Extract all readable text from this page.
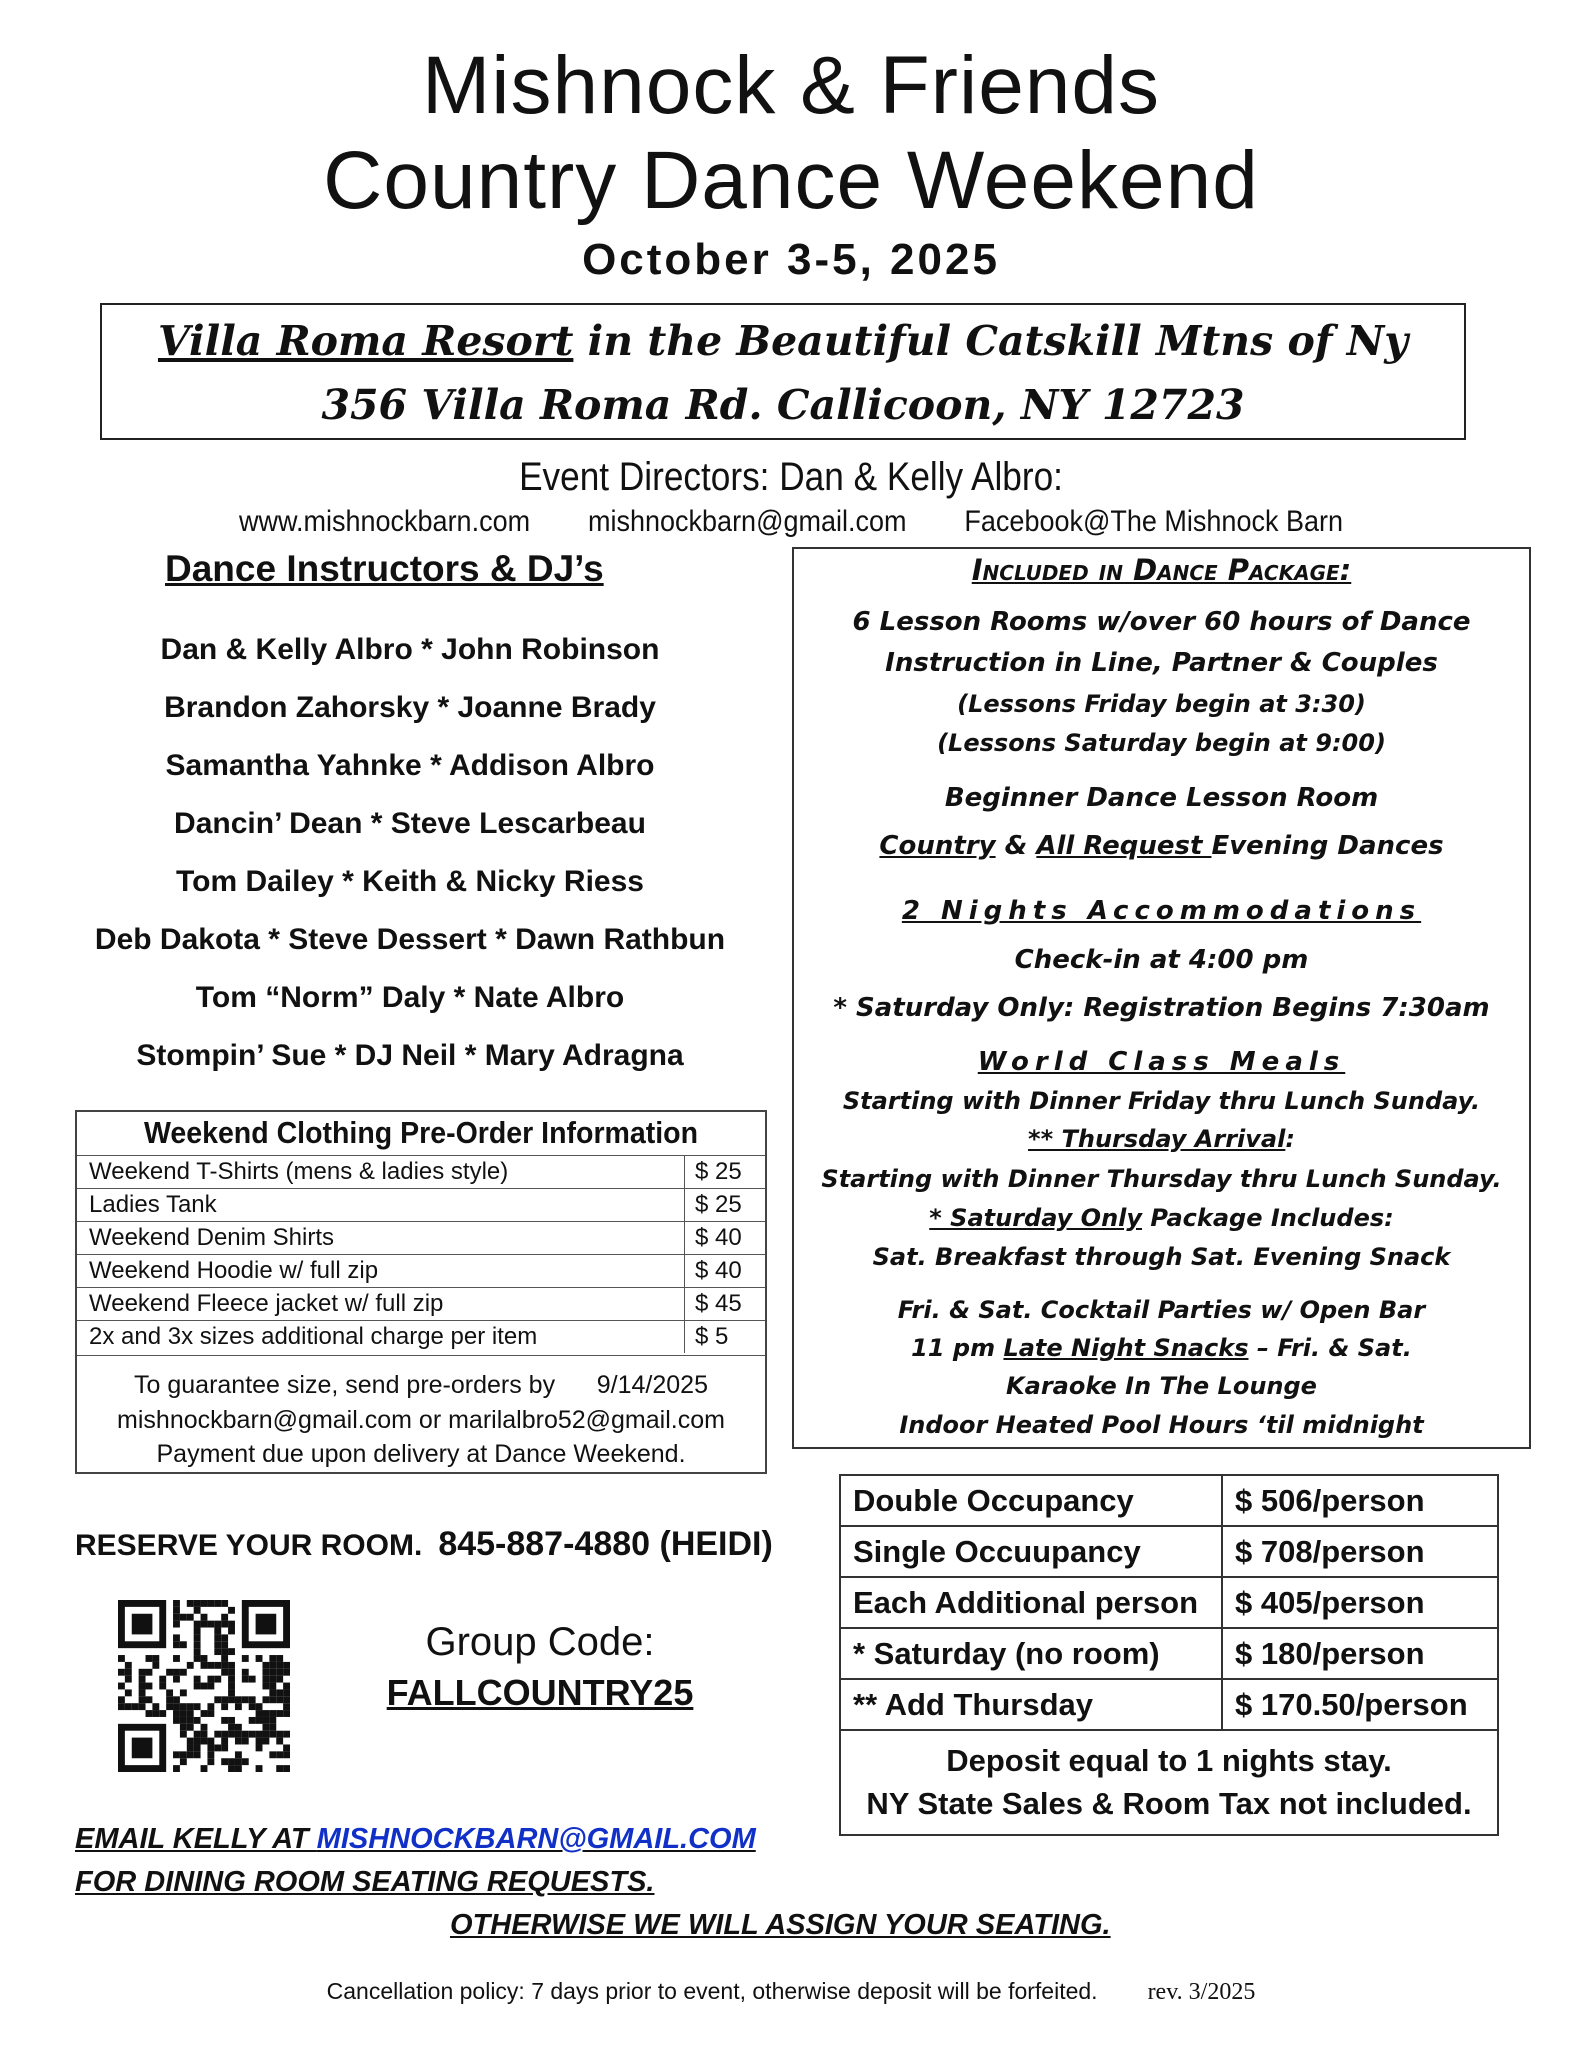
Mishnock & Friends
Country Dance Weekend
October 3-5, 2025
Villa Roma Resort in the Beautiful Catskill Mtns of Ny
356 Villa Roma Rd. Callicoon, NY 12723
Event Directors: Dan & Kelly Albro:
www.mishnockbarn.com mishnockbarn@gmail.com Facebook@The Mishnock Barn
Dance Instructors & DJ’s
Dan & Kelly Albro * John Robinson
Brandon Zahorsky * Joanne Brady
Samantha Yahnke * Addison Albro
Dancin’ Dean * Steve Lescarbeau
Tom Dailey * Keith & Nicky Riess
Deb Dakota * Steve Dessert * Dawn Rathbun
Tom “Norm” Daly * Nate Albro
Stompin’ Sue * DJ Neil * Mary Adragna
Included in Dance Package:
6 Lesson Rooms w/over 60 hours of Dance
Instruction in Line, Partner & Couples
(Lessons Friday begin at 3:30)
(Lessons Saturday begin at 9:00)
Beginner Dance Lesson Room
Country & All Request Evening Dances
2 Nights Accommodations
Check-in at 4:00 pm
* Saturday Only: Registration Begins 7:30am
World Class Meals
Starting with Dinner Friday thru Lunch Sunday.
** Thursday Arrival:
Starting with Dinner Thursday thru Lunch Sunday.
* Saturday Only Package Includes:
Sat. Breakfast through Sat. Evening Snack
Fri. & Sat. Cocktail Parties w/ Open Bar
11 pm Late Night Snacks – Fri. & Sat.
Karaoke In The Lounge
Indoor Heated Pool Hours ‘til midnight
Weekend Clothing Pre-Order Information
Weekend T-Shirts (mens & ladies style)	$ 25
Ladies Tank	$ 25
Weekend Denim Shirts	$ 40
Weekend Hoodie w/ full zip	$ 40
Weekend Fleece jacket w/ full zip	$ 45
2x and 3x sizes additional charge per item	$ 5
To guarantee size, send pre-orders by      9/14/2025
mishnockbarn@gmail.com or marilalbro52@gmail.com
Payment due upon delivery at Dance Weekend.
RESERVE YOUR ROOM. 845-887-4880 (HEIDI)
Group Code:
FALLCOUNTRY25
Double Occupancy	$ 506/person
Single Occuupancy	$ 708/person
Each Additional person	$ 405/person
* Saturday (no room)	$ 180/person
** Add Thursday	$ 170.50/person
Deposit equal to 1 nights stay.
NY State Sales & Room Tax not included.	
EMAIL KELLY AT MISHNOCKBARN@GMAIL.COM
FOR DINING ROOM SEATING REQUESTS.
OTHERWISE WE WILL ASSIGN YOUR SEATING.
Cancellation policy: 7 days prior to event, otherwise deposit will be forfeited. rev. 3/2025
